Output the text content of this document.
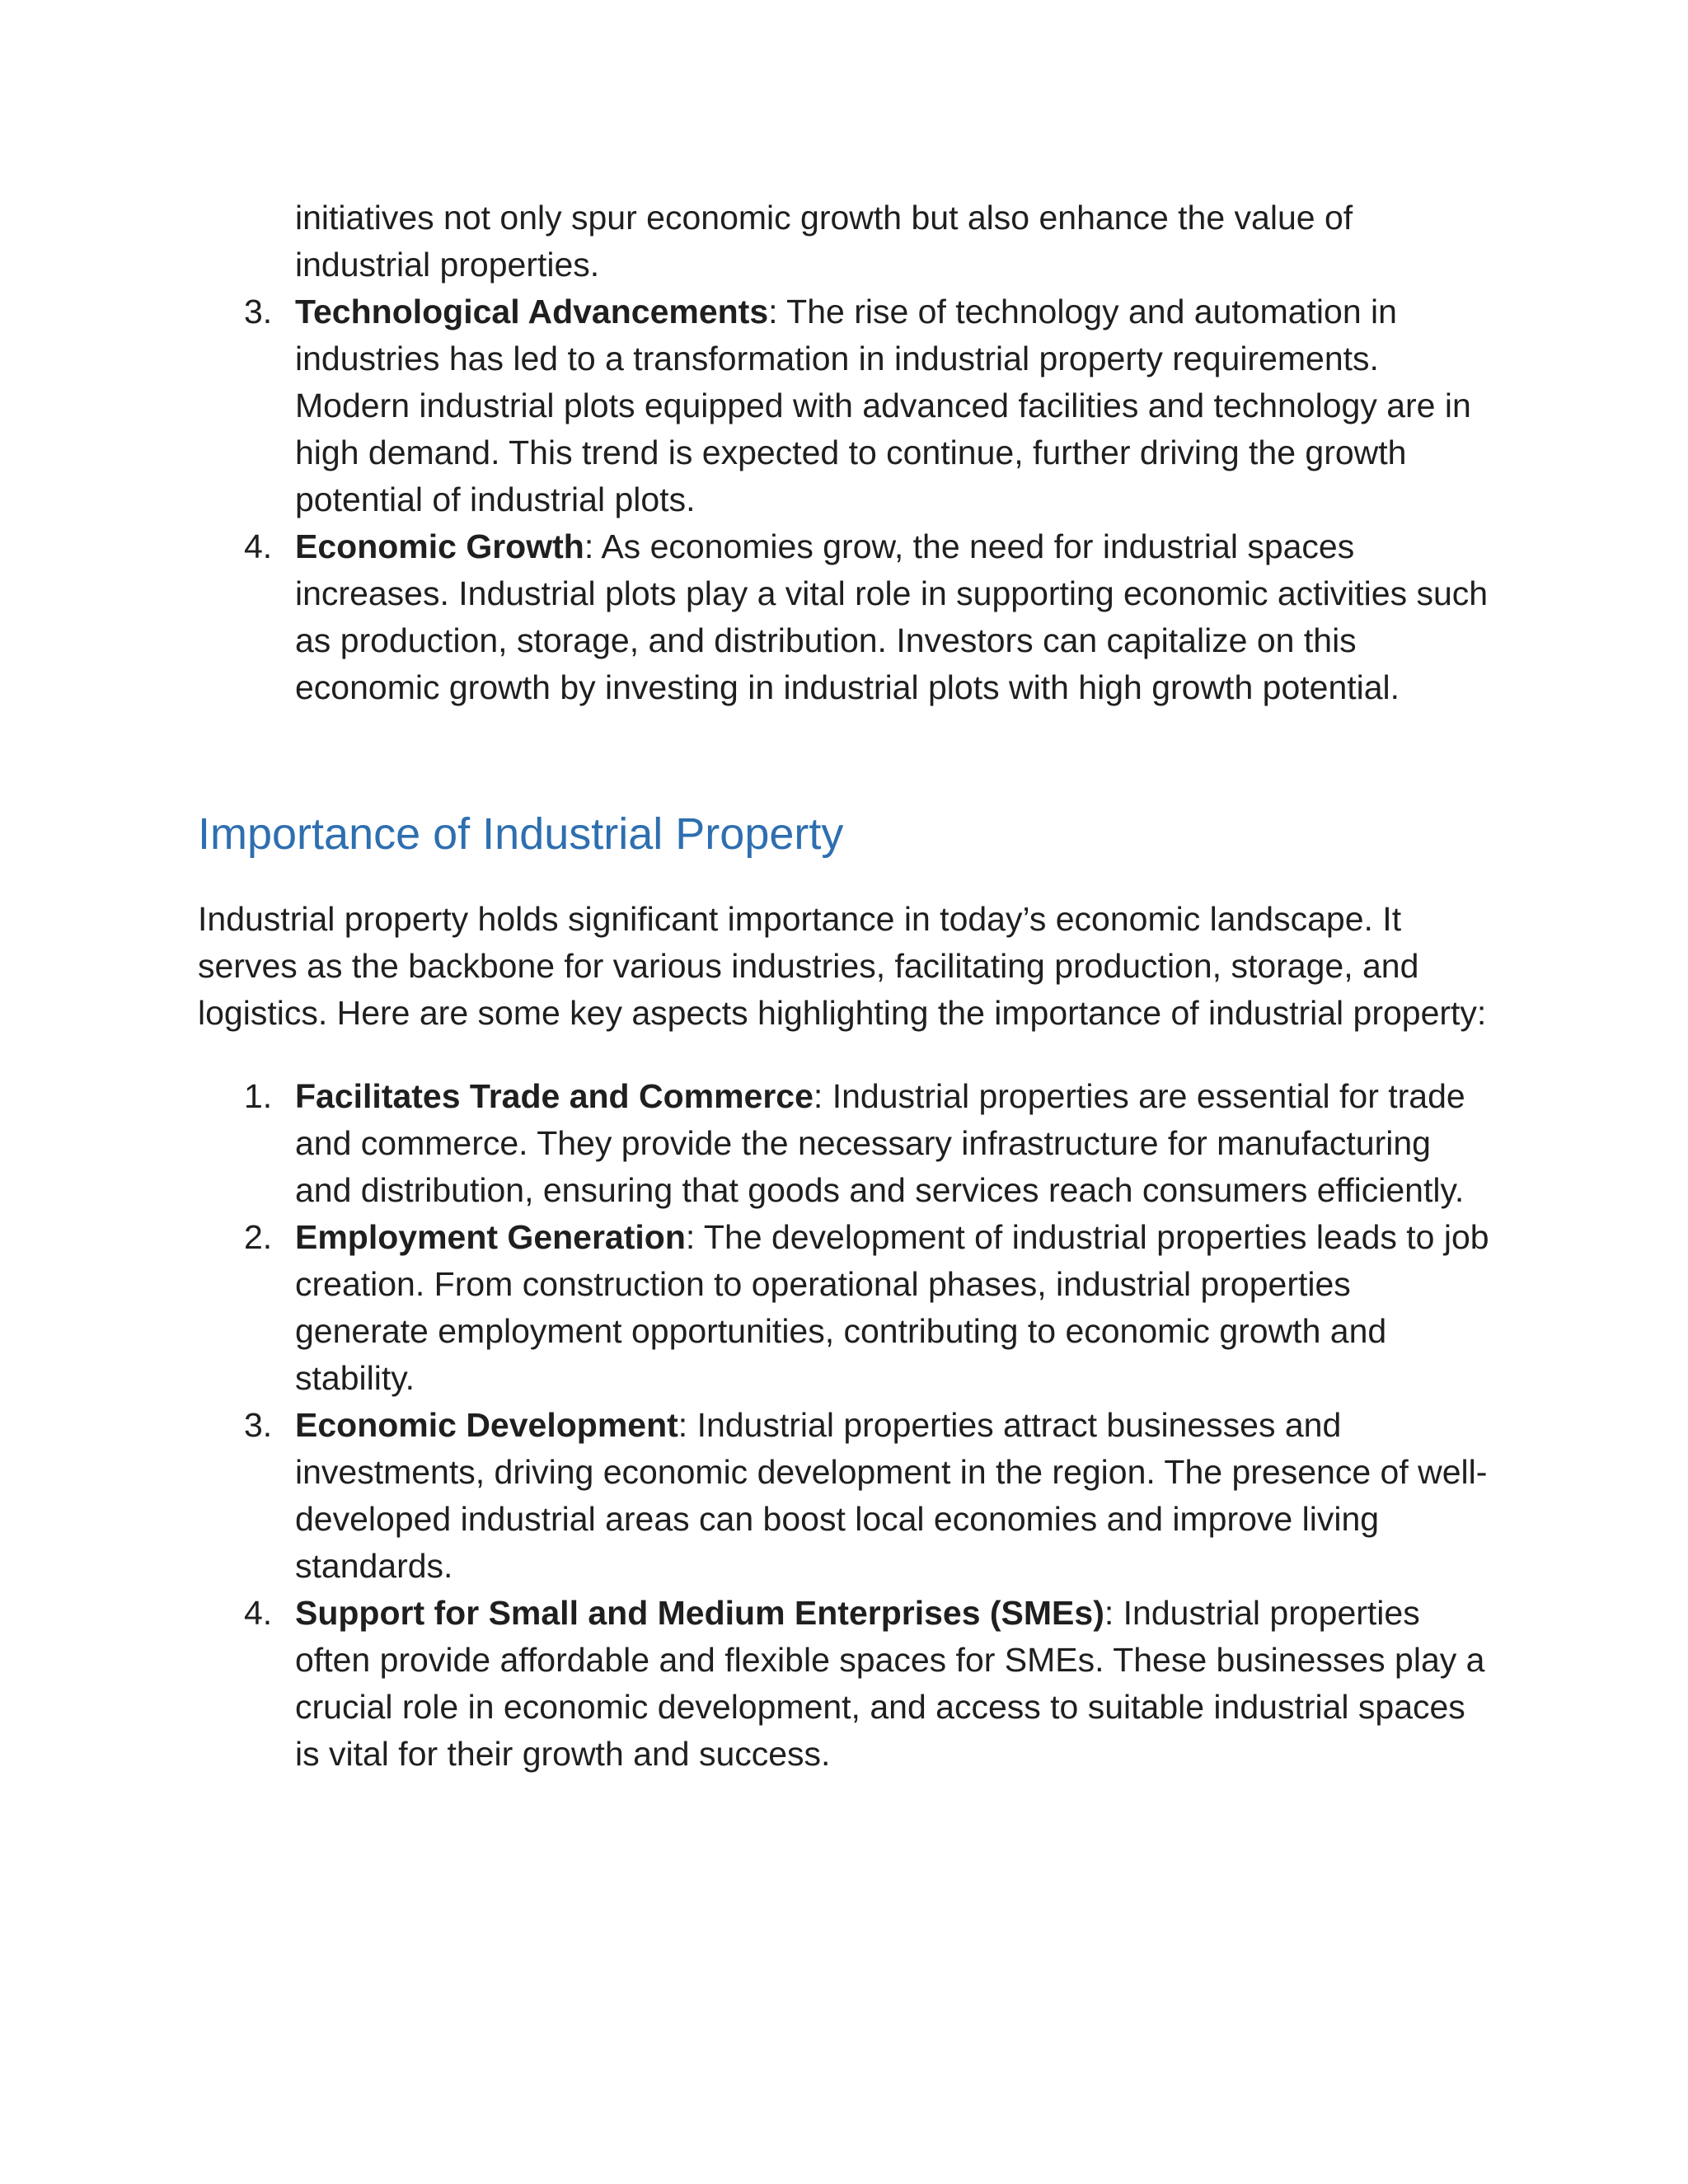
initiatives not only spur economic growth but also enhance the value of industrial properties.

3. Technological Advancements: The rise of technology and automation in industries has led to a transformation in industrial property requirements. Modern industrial plots equipped with advanced facilities and technology are in high demand. This trend is expected to continue, further driving the growth potential of industrial plots.
4. Economic Growth: As economies grow, the need for industrial spaces increases. Industrial plots play a vital role in supporting economic activities such as production, storage, and distribution. Investors can capitalize on this economic growth by investing in industrial plots with high growth potential.
Importance of Industrial Property

Industrial property holds significant importance in today’s economic landscape. It serves as the backbone for various industries, facilitating production, storage, and logistics. Here are some key aspects highlighting the importance of industrial property:

1. Facilitates Trade and Commerce: Industrial properties are essential for trade and commerce. They provide the necessary infrastructure for manufacturing and distribution, ensuring that goods and services reach consumers efficiently.
2. Employment Generation: The development of industrial properties leads to job creation. From construction to operational phases, industrial properties generate employment opportunities, contributing to economic growth and stability.
3. Economic Development: Industrial properties attract businesses and investments, driving economic development in the region. The presence of well-developed industrial areas can boost local economies and improve living standards.
4. Support for Small and Medium Enterprises (SMEs): Industrial properties often provide affordable and flexible spaces for SMEs. These businesses play a crucial role in economic development, and access to suitable industrial spaces is vital for their growth and success.
